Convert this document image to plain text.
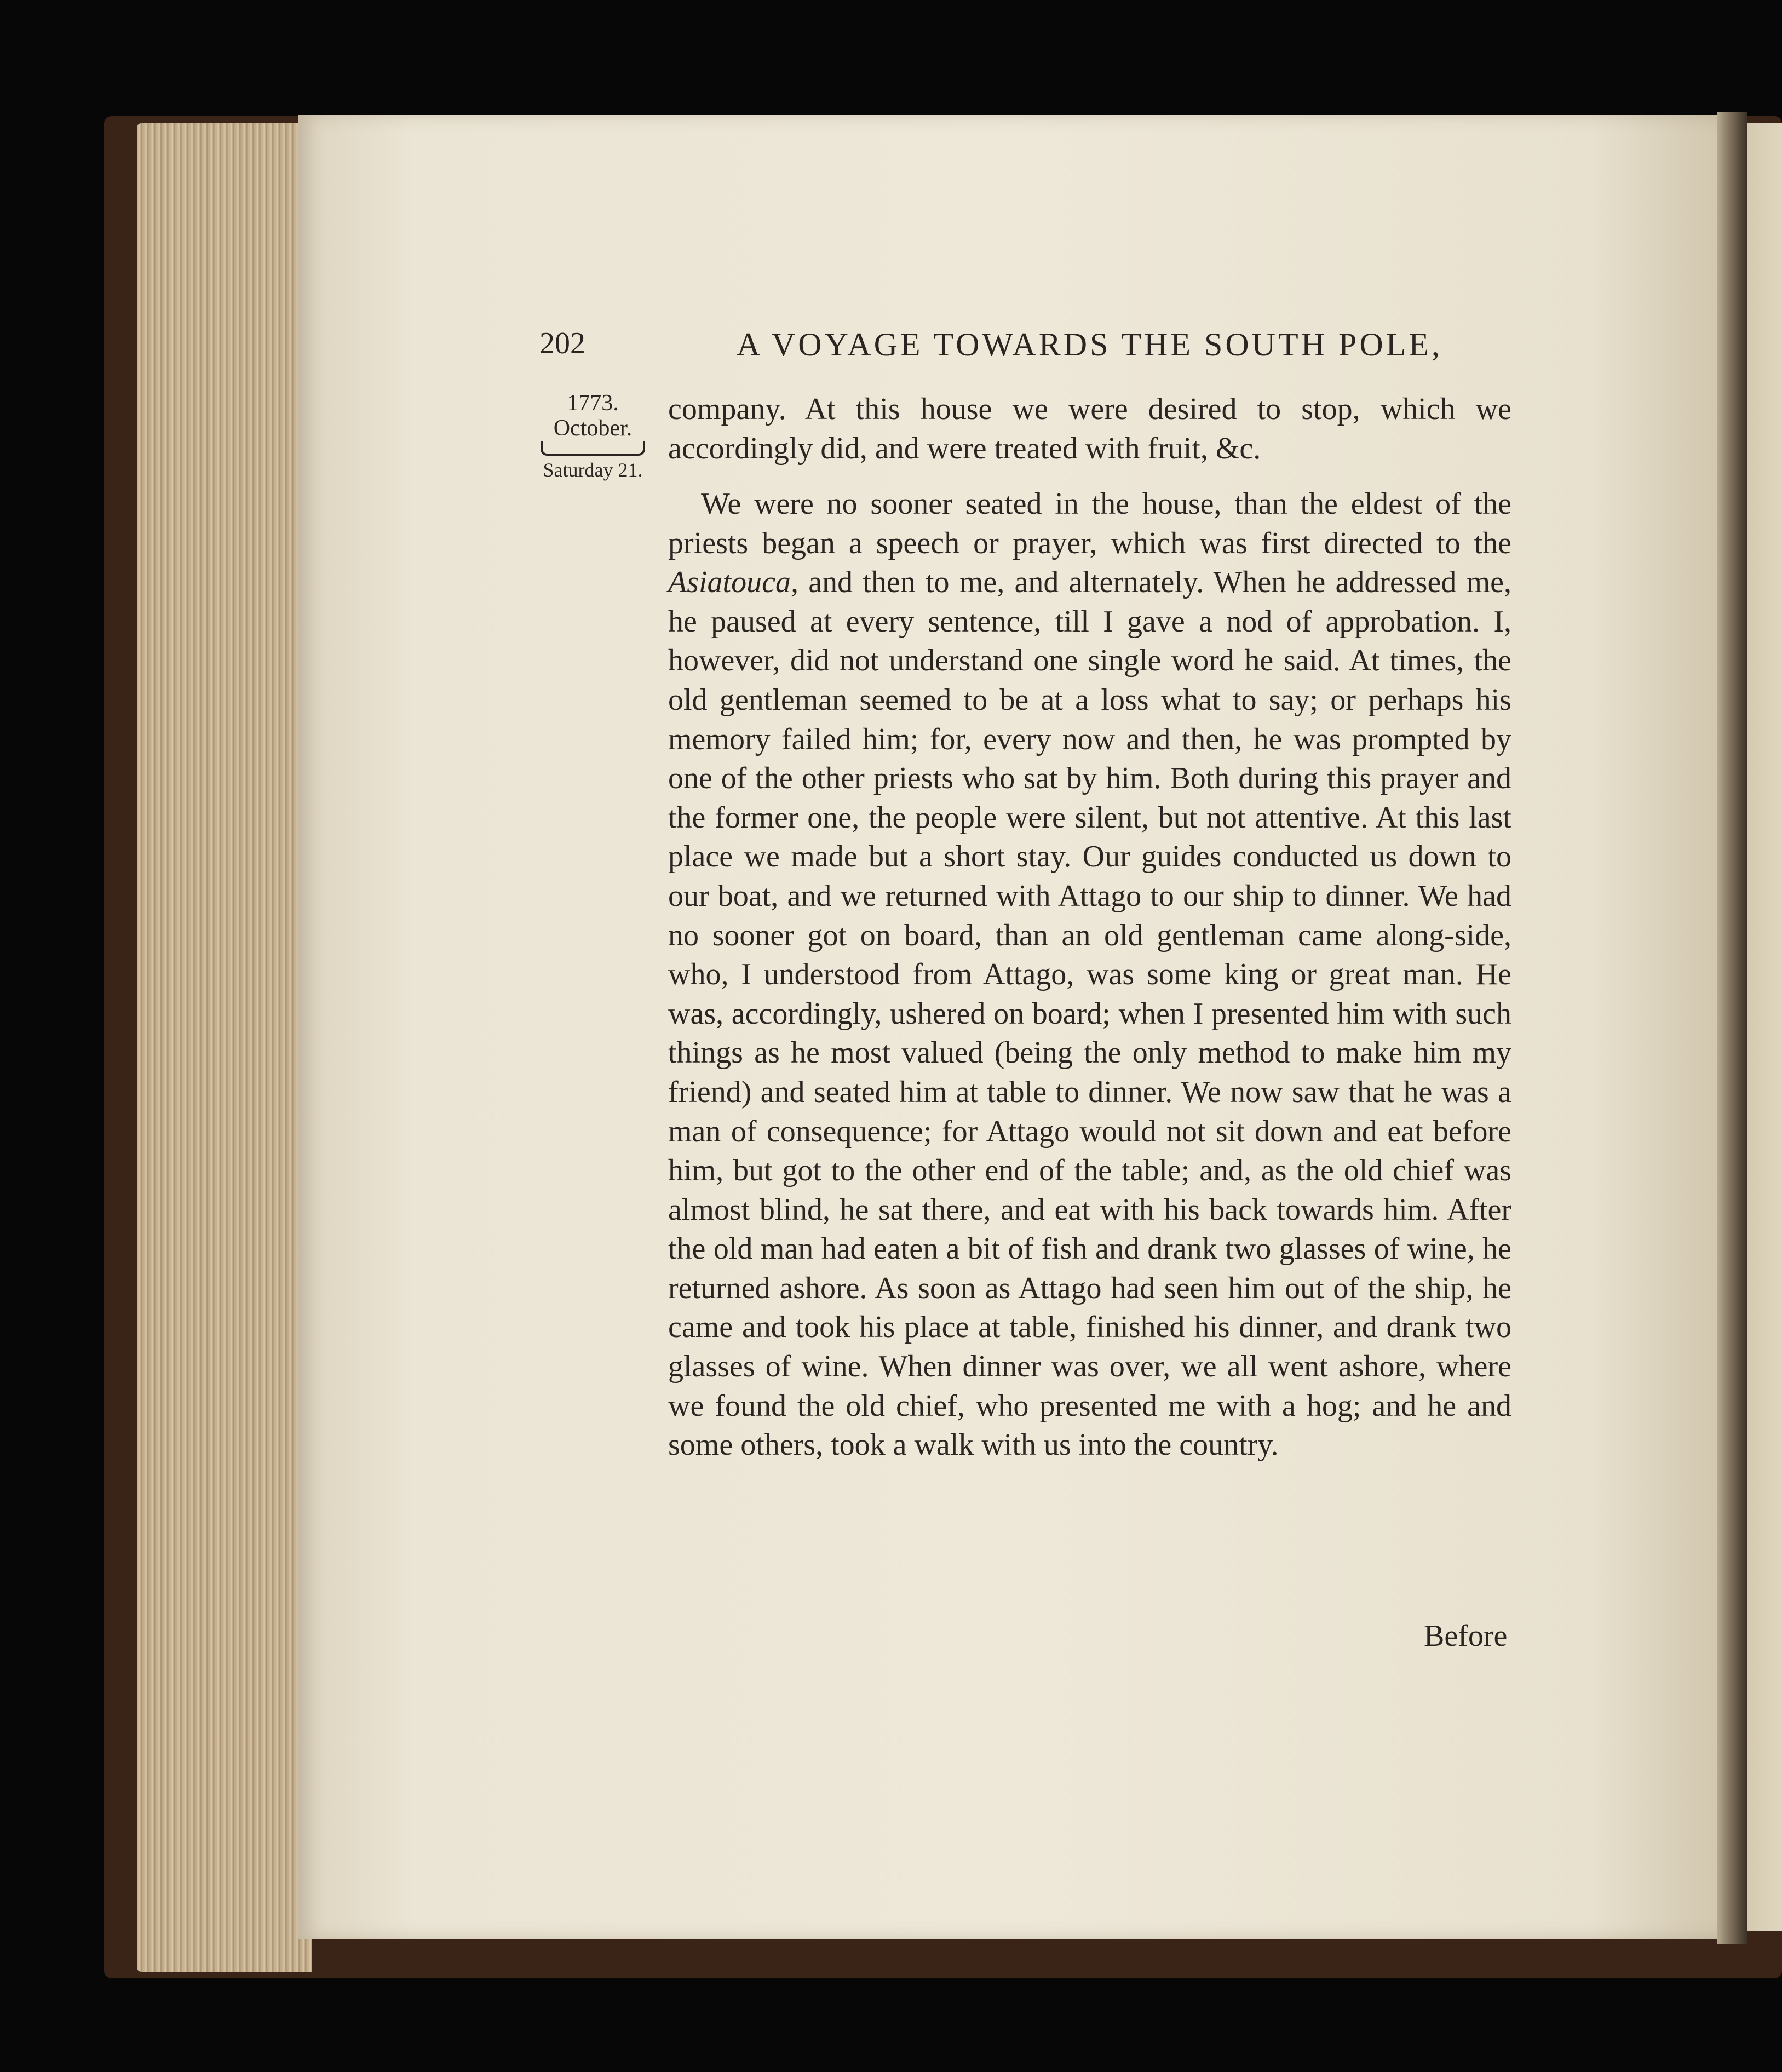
202	A VOYAGE TOWARDS THE SOUTH POLE,
1773.
October.
Saturday 21.
company. At this house we were desired to stop, which we accordingly did, and were treated with fruit, &c.
We were no sooner seated in the house, than the eldest of the priests began a speech or prayer, which was first directed to the Asiatouca, and then to me, and alternately. When he addressed me, he paused at every sentence, till I gave a nod of approbation. I, however, did not understand one single word he said. At times, the old gentleman seemed to be at a loss what to say; or perhaps his memory failed him; for, every now and then, he was prompted by one of the other priests who sat by him. Both during this prayer and the former one, the people were silent, but not attentive. At this last place we made but a short stay. Our guides conducted us down to our boat, and we returned with Attago to our ship to dinner. We had no sooner got on board, than an old gentleman came along-side, who, I understood from Attago, was some king or great man. He was, accordingly, ushered on board; when I presented him with such things as he most valued (being the only method to make him my friend) and seated him at table to dinner. We now saw that he was a man of consequence; for Attago would not sit down and eat before him, but got to the other end of the table; and, as the old chief was almost blind, he sat there, and eat with his back towards him. After the old man had eaten a bit of fish and drank two glasses of wine, he returned ashore. As soon as Attago had seen him out of the ship, he came and took his place at table, finished his dinner, and drank two glasses of wine. When dinner was over, we all went ashore, where we found the old chief, who presented me with a hog; and he and some others, took a walk with us into the country.
Before
